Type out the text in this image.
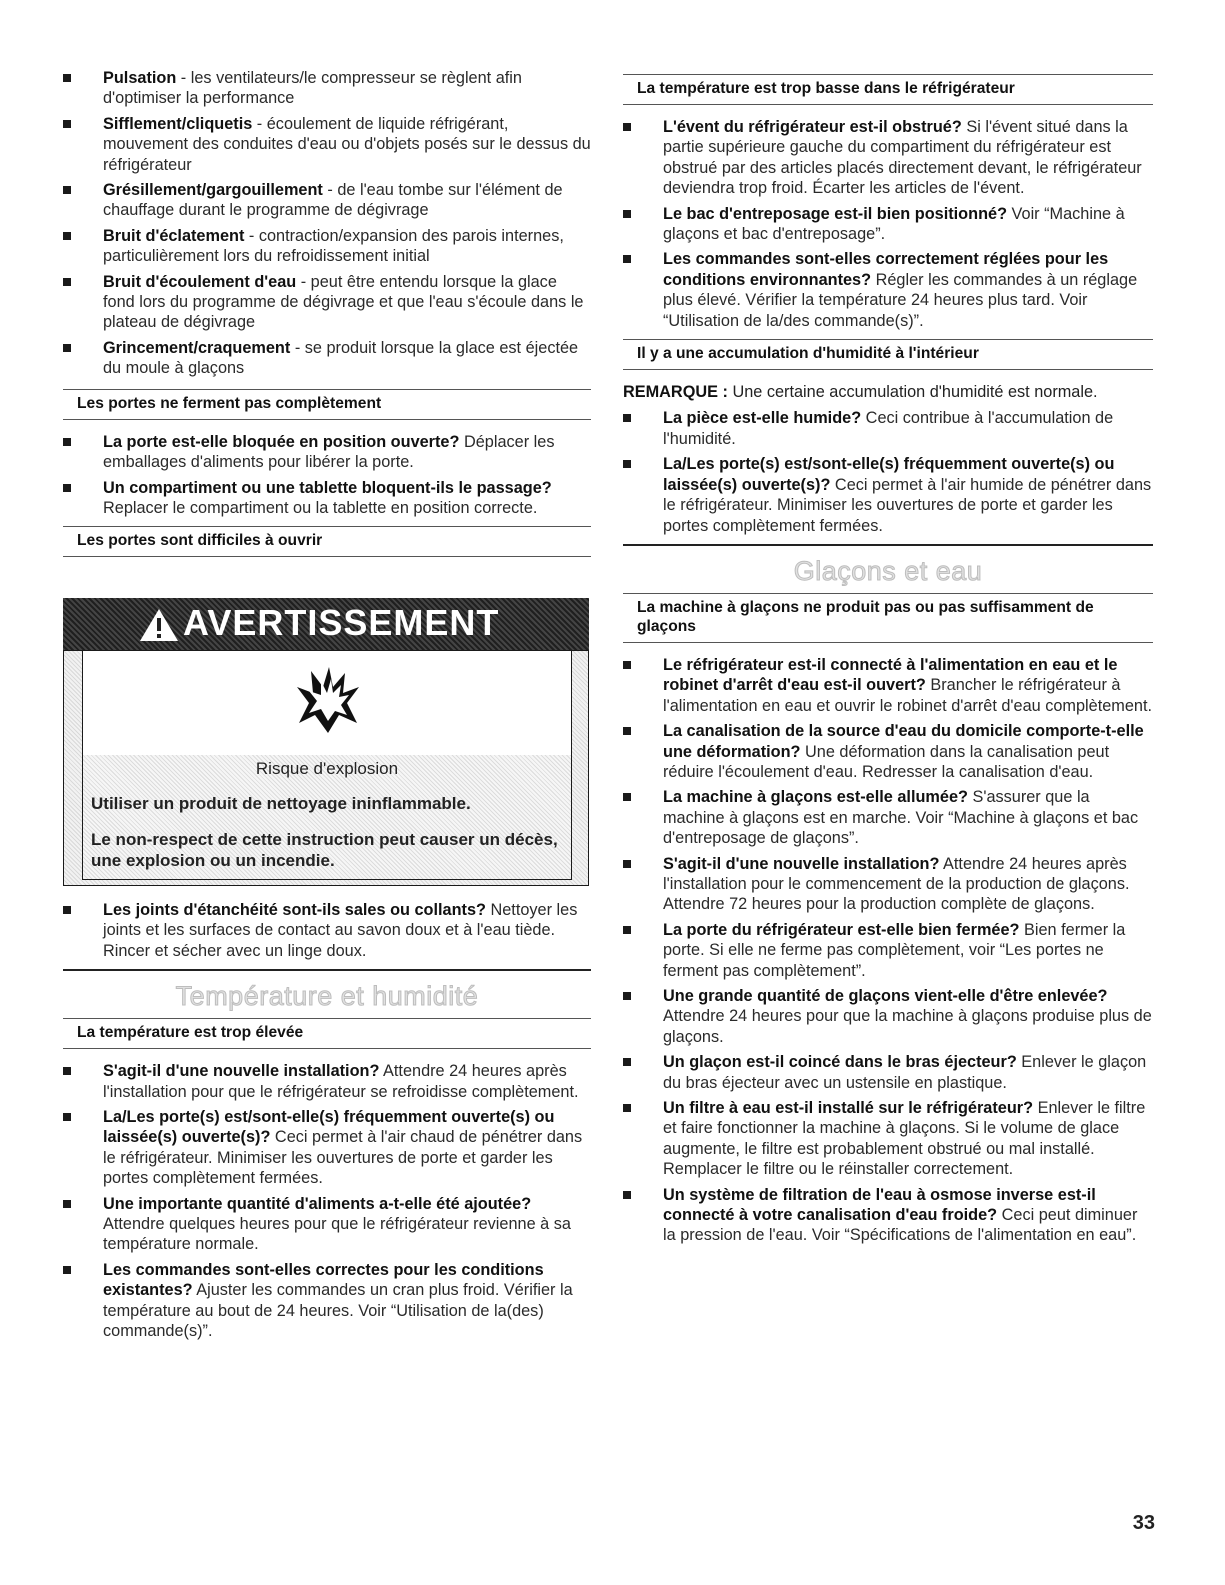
Pulsation - les ventilateurs/le compresseur se règlent afin d'optimiser la performance
Sifflement/cliquetis - écoulement de liquide réfrigérant, mouvement des conduites d'eau ou d'objets posés sur le dessus du réfrigérateur
Grésillement/gargouillement - de l'eau tombe sur l'élément de chauffage durant le programme de dégivrage
Bruit d'éclatement - contraction/expansion des parois internes, particulièrement lors du refroidissement initial
Bruit d'écoulement d'eau - peut être entendu lorsque la glace fond lors du programme de dégivrage et que l'eau s'écoule dans le plateau de dégivrage
Grincement/craquement - se produit lorsque la glace est éjectée du moule à glaçons
Les portes ne ferment pas complètement
La porte est-elle bloquée en position ouverte? Déplacer les emballages d'aliments pour libérer la porte.
Un compartiment ou une tablette bloquent-ils le passage? Replacer le compartiment ou la tablette en position correcte.
Les portes sont difficiles à ouvrir
AVERTISSEMENT
Risque d'explosion
Utiliser un produit de nettoyage ininflammable.
Le non-respect de cette instruction peut causer un décès,
une explosion ou un incendie.
Les joints d'étanchéité sont-ils sales ou collants? Nettoyer les joints et les surfaces de contact au savon doux et à l'eau tiède. Rincer et sécher avec un linge doux.
Température et humidité
La température est trop élevée
S'agit-il d'une nouvelle installation? Attendre 24 heures après l'installation pour que le réfrigérateur se refroidisse complètement.
La/Les porte(s) est/sont-elle(s) fréquemment ouverte(s) ou laissée(s) ouverte(s)? Ceci permet à l'air chaud de pénétrer dans le réfrigérateur. Minimiser les ouvertures de porte et garder les portes complètement fermées.
Une importante quantité d'aliments a-t-elle été ajoutée? Attendre quelques heures pour que le réfrigérateur revienne à sa température normale.
Les commandes sont-elles correctes pour les conditions existantes? Ajuster les commandes un cran plus froid. Vérifier la température au bout de 24 heures. Voir “Utilisation de la(des) commande(s)”.
La température est trop basse dans le réfrigérateur
L'évent du réfrigérateur est-il obstrué? Si l'évent situé dans la partie supérieure gauche du compartiment du réfrigérateur est obstrué par des articles placés directement devant, le réfrigérateur deviendra trop froid. Écarter les articles de l'évent.
Le bac d'entreposage est-il bien positionné? Voir “Machine à glaçons et bac d'entreposage”.
Les commandes sont-elles correctement réglées pour les conditions environnantes? Régler les commandes à un réglage plus élevé. Vérifier la température 24 heures plus tard. Voir “Utilisation de la/des commande(s)”.
Il y a une accumulation d'humidité à l'intérieur

REMARQUE : Une certaine accumulation d'humidité est normale.

La pièce est-elle humide? Ceci contribue à l'accumulation de l'humidité.
La/Les porte(s) est/sont-elle(s) fréquemment ouverte(s) ou laissée(s) ouverte(s)? Ceci permet à l'air humide de pénétrer dans le réfrigérateur. Minimiser les ouvertures de porte et garder les portes complètement fermées.
Glaçons et eau
La machine à glaçons ne produit pas ou pas suffisamment de glaçons
Le réfrigérateur est-il connecté à l'alimentation en eau et le robinet d'arrêt d'eau est-il ouvert? Brancher le réfrigérateur à l'alimentation en eau et ouvrir le robinet d'arrêt d'eau complètement.
La canalisation de la source d'eau du domicile comporte-t-elle une déformation? Une déformation dans la canalisation peut réduire l'écoulement d'eau. Redresser la canalisation d'eau.
La machine à glaçons est-elle allumée? S'assurer que la machine à glaçons est en marche. Voir “Machine à glaçons et bac d'entreposage de glaçons”.
S'agit-il d'une nouvelle installation? Attendre 24 heures après l'installation pour le commencement de la production de glaçons. Attendre 72 heures pour la production complète de glaçons.
La porte du réfrigérateur est-elle bien fermée? Bien fermer la porte. Si elle ne ferme pas complètement, voir “Les portes ne ferment pas complètement”.
Une grande quantité de glaçons vient-elle d'être enlevée? Attendre 24 heures pour que la machine à glaçons produise plus de glaçons.
Un glaçon est-il coincé dans le bras éjecteur? Enlever le glaçon du bras éjecteur avec un ustensile en plastique.
Un filtre à eau est-il installé sur le réfrigérateur? Enlever le filtre et faire fonctionner la machine à glaçons. Si le volume de glace augmente, le filtre est probablement obstrué ou mal installé. Remplacer le filtre ou le réinstaller correctement.
Un système de filtration de l'eau à osmose inverse est-il connecté à votre canalisation d'eau froide? Ceci peut diminuer la pression de l'eau. Voir “Spécifications de l'alimentation en eau”.
33
